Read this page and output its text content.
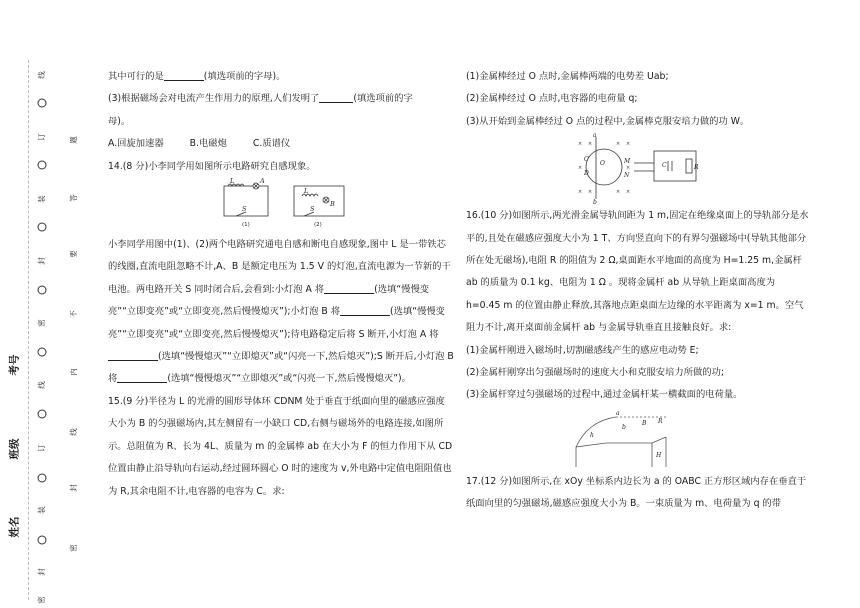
线
订
装
封
密
线
订
装
封
密
题
答
要
不
内
线
封
密
考号
班级
姓名

其中可行的是	(填选项前的字母)。

(3)根据磁场会对电流产生作用力的原理,人们发明了	(填选项前的字

母)。

A.回旋加速器	B.电磁炮	C.质谱仪

14.(8 分)小李同学用如图所示电路研究自感现象。

L	A
L
B
S	S
(1)	(2)

小李同学用图中(1)、(2)两个电路研究通电自感和断电自感现象,图中 L 是一带铁芯的线圈,直流电阻忽略不计,A、B 是额定电压为 1.5 V 的灯泡,直流电源为一节新的干电池。两电路开关 S 同时闭合后,会看到:小灯泡 A 将	(选填“慢慢变亮”“立即变亮”或“立即变亮,然后慢慢熄灭”);小灯泡 B 将	(选填“慢慢变亮”“立即变亮”或“立即变亮,然后慢慢熄灭”);待电路稳定后将 S 断开,小灯泡 A 将(选填“慢慢熄灭”“立即熄灭”或“闪亮一下,然后熄灭”);S 断开后,小灯泡 B 将	(选填“慢慢熄灭”“立即熄灭”或“闪亮一下,然后慢慢熄灭”)。

15.(9 分)半径为 L 的光滑的圆形导体环 CDNM 处于垂直于纸面向里的磁感应强度大小为 B 的匀强磁场内,其左侧留有一小缺口 CD,右侧与磁场外的电路连接,如图所示。总阻值为 R、长为 4L、质量为 m 的金属棒 ab 在大小为 F 的恒力作用下从 CD 位置由静止沿导轨向右运动,经过圆环圆心 O 时的速度为 v,外电路中定值电阻阻值也为 R,其余电阻不计,电容器的电容为 C。求:

(1)金属棒经过 O 点时,金属棒两端的电势差 Uab;

(2)金属棒经过 O 点时,电容器的电荷量 q;

(3)从开始到金属棒经过 O 点的过程中,金属棒克服安培力做的功 W。

× ×	× ×
×	×
× ×	× ×
a
C
D
O	M
N
b
C	R

16.(10 分)如图所示,两光滑金属导轨间距为 1 m,固定在绝缘桌面上的导轨部分是水平的,且处在磁感应强度大小为 1 T、方向竖直向下的有界匀强磁场中(导轨其他部分所在处无磁场),电阻 R 的阻值为 2 Ω,桌面距水平地面的高度为 H=1.25 m,金属杆 ab 的质量为 0.1 kg、电阻为 1 Ω 。现将金属杆 ab 从导轨上距桌面高度为 h=0.45 m 的位置由静止释放,其落地点距桌面左边缘的水平距离为 x=1 m。空气阻力不计,离开桌面前金属杆 ab 与金属导轨垂直且接触良好。求:

(1)金属杆刚进入磁场时,切割磁感线产生的感应电动势 E;

(2)金属杆刚穿出匀强磁场时的速度大小和克服安培力所做的功;

(3)金属杆穿过匀强磁场的过程中,通过金属杆某一横截面的电荷量。

a
b
B R
h
H

17.(12 分)如图所示,在 xOy 坐标系内边长为 a 的 OABC 正方形区域内存在垂直于纸面向里的匀强磁场,磁感应强度大小为 B。一束质量为 m、电荷量为 q 的带
